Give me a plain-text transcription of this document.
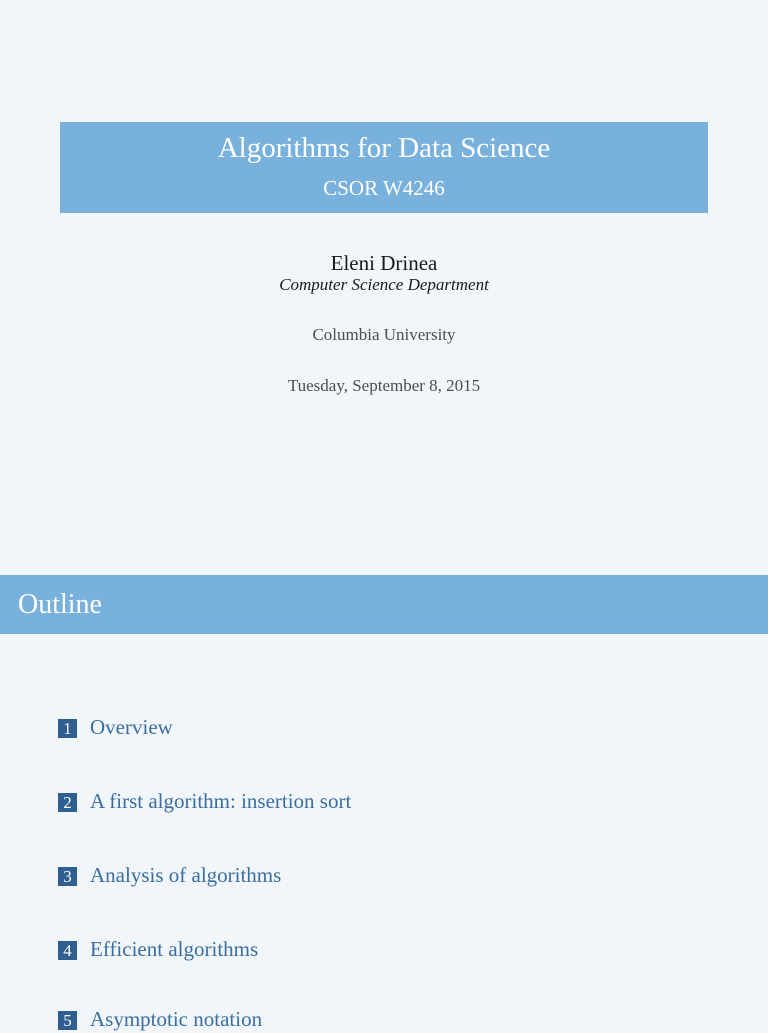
Algorithms for Data Science
CSOR W4246
Eleni Drinea
Computer Science Department
Columbia University
Tuesday, September 8, 2015
Outline
1 Overview
2 A first algorithm: insertion sort
3 Analysis of algorithms
4 Efficient algorithms
5 Asymptotic notation
